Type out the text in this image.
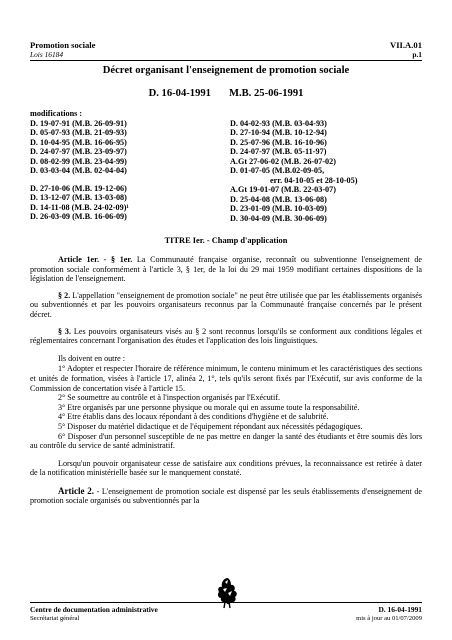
Promotion sociale	VII.A.01
Lois 16184	p.1
Décret organisant l'enseignement de promotion sociale
D. 16-04-1991 M.B. 25-06-1991
modifications :
D. 19-07-91 (M.B. 26-09-91)
D. 05-07-93 (M.B. 21-09-93)
D. 10-04-95 (M.B. 16-06-95)
D. 24-07-97 (M.B. 23-09-97)
D. 08-02-99 (M.B. 23-04-99)
D. 03-03-04 (M.B. 02-04-04)
D. 27-10-06 (M.B. 19-12-06)
D. 13-12-07 (M.B. 13-03-08)
D. 14-11-08 (M.B. 24-02-09)¹
D. 26-03-09 (M.B. 16-06-09)
D. 04-02-93 (M.B. 03-04-93)
D. 27-10-94 (M.B. 10-12-94)
D. 25-07-96 (M.B. 16-10-96)
D. 24-07-97 (M.B. 05-11-97)
A.Gt 27-06-02 (M.B. 26-07-02)
D. 01-07-05 (M.B.02-09-05,
err. 04-10-05 et 28-10-05)
A.Gt 19-01-07 (M.B. 22-03-07)
D. 25-04-08 (M.B. 13-06-08)
D. 23-01-09 (M.B. 10-03-09)
D. 30-04-09 (M.B. 30-06-09)
TITRE Ier. - Champ d'application

Article 1er. - § 1er. La Communauté française organise, reconnaît ou subventionne l'enseignement de promotion sociale conformément à l'article 3, § 1er, de la loi du 29 mai 1959 modifiant certaines dispositions de la législation de l'enseignement.

§ 2. L'appellation "enseignement de promotion sociale" ne peut être utilisée que par les établissements organisés ou subventionnés et par les pouvoirs organisateurs reconnus par la Communauté française concernés par le présent décret.

§ 3. Les pouvoirs organisateurs visés au § 2 sont reconnus lorsqu'ils se conforment aux conditions légales et réglementaires concernant l'organisation des études et l'application des lois linguistiques.

Ils doivent en outre :

1° Adopter et respecter l'horaire de référence minimum, le contenu minimum et les caractéristiques des sections et unités de formation, visées à l'article 17, alinéa 2, 1°, tels qu'ils seront fixés par l'Exécutif, sur avis conforme de la Commission de concertation visée à l'article 15.

2° Se soumettre au contrôle et à l'inspection organisés par l'Exécutif.

3° Etre organisés par une personne physique ou morale qui en assume toute la responsabilité.

4° Etre établis dans des locaux répondant à des conditions d'hygiène et de salubrité.

5° Disposer du matériel didactique et de l'équipement répondant aux nécessités pédagogiques.

6° Disposer d'un personnel susceptible de ne pas mettre en danger la santé des étudiants et être soumis dès lors au contrôle du service de santé administratif.

Lorsqu'un pouvoir organisateur cesse de satisfaire aux conditions prévues, la reconnaissance est retirée à dater de la notification ministérielle basée sur le manquement constaté.

Article 2. - L'enseignement de promotion sociale est dispensé par les seuls établissements d'enseignement de promotion sociale organisés ou subventionnés par la

Centre de documentation administrative	D. 16-04-1991
Secrétariat général	mis à jour au 01/07/2009
